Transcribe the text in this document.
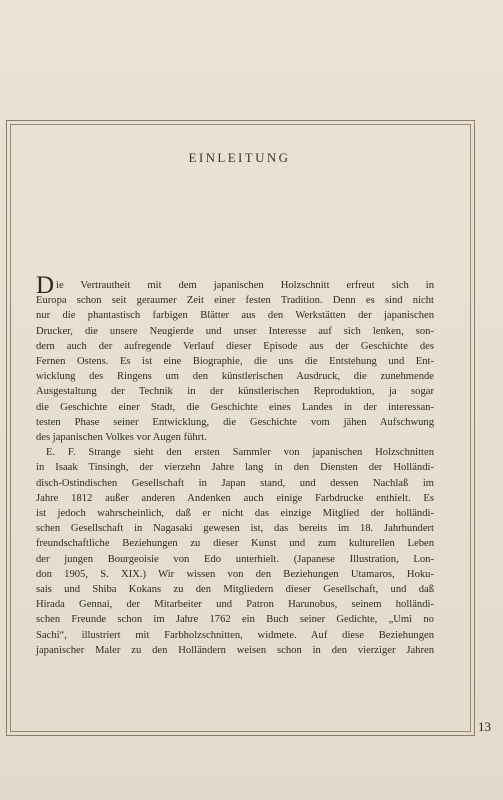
EINLEITUNG
D ie Vertrautheit mit dem japanischen Holzschnitt erfreut sich in
Europa schon seit geraumer Zeit einer festen Tradition. Denn es sind nicht
nur die phantastisch farbigen Blätter aus den Werkstätten der japanischen
Drucker, die unsere Neugierde und unser Interesse auf sich lenken, son-
dern auch der aufregende Verlauf dieser Episode aus der Geschichte des
Fernen Ostens. Es ist eine Biographie, die uns die Entstehung und Ent-
wicklung des Ringens um den künstlerischen Ausdruck, die zunehmende
Ausgestaltung der Technik in der künstlerischen Reproduktion, ja sogar
die Geschichte einer Stadt, die Geschichte eines Landes in der interessan-
testen Phase seiner Entwicklung, die Geschichte vom jähen Aufschwung
des japanischen Volkes vor Augen führt.
E. F. Strange sieht den ersten Sammler von japanischen Holzschnitten
in Isaak Tinsingh, der vierzehn Jahre lang in den Diensten der Holländi-
disch-Ostindischen Gesellschaft in Japan stand, und dessen Nachlaß im
Jahre 1812 außer anderen Andenken auch einige Farbdrucke enthielt. Es
ist jedoch wahrscheinlich, daß er nicht das einzige Mitglied der holländi-
schen Gesellschaft in Nagasaki gewesen ist, das bereits im 18. Jahrhundert
freundschaftliche Beziehungen zu dieser Kunst und zum kulturellen Leben
der jungen Bourgeoisie von Edo unterhielt. (Japanese Illustration, Lon-
don 1905, S. XIX.) Wir wissen von den Beziehungen Utamaros, Hoku-
sais und Shiba Kokans zu den Mitgliedern dieser Gesellschaft, und daß
Hirada Gennai, der Mitarbeiter und Patron Harunobus, seinem holländi-
schen Freunde schon im Jahre 1762 ein Buch seiner Gedichte, „Umi no
Sachi“, illustriert mit Farbholzschnitten, widmete. Auf diese Beziehungen
japanischer Maler zu den Holländern weisen schon in den vierziger Jahren
13
